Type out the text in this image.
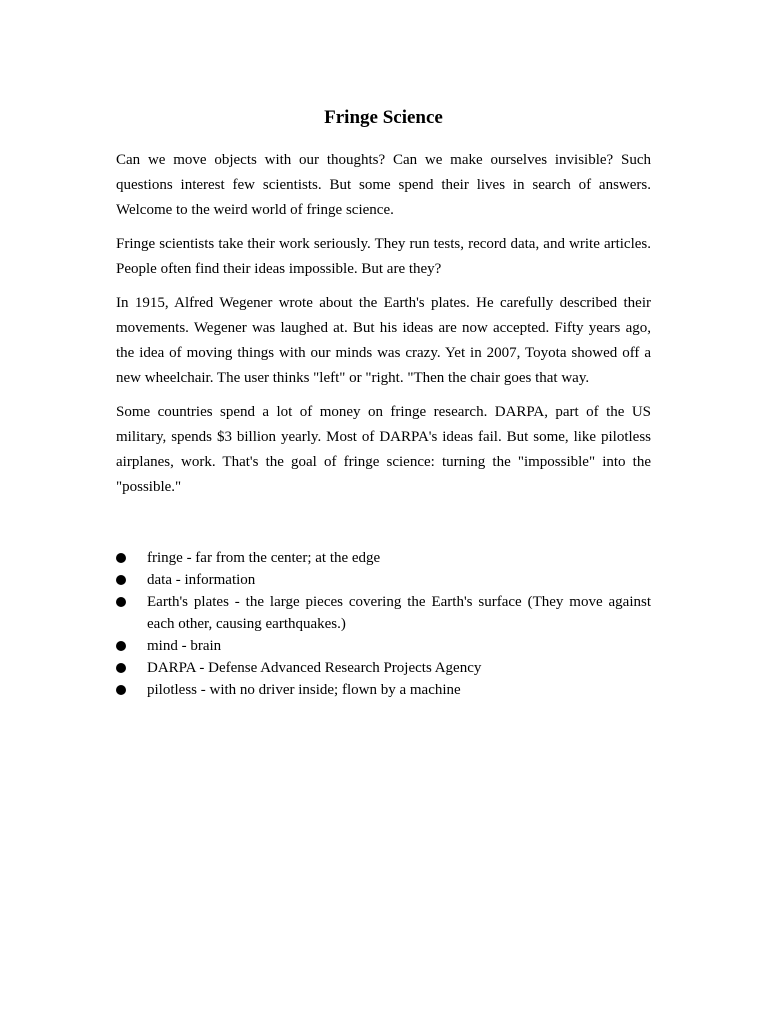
Fringe Science

Can we move objects with our thoughts? Can we make ourselves invisible? Such questions interest few scientists. But some spend their lives in search of answers. Welcome to the weird world of fringe science.

Fringe scientists take their work seriously. They run tests, record data, and write articles. People often find their ideas impossible. But are they?

In 1915, Alfred Wegener wrote about the Earth's plates. He carefully described their movements. Wegener was laughed at. But his ideas are now accepted. Fifty years ago, the idea of moving things with our minds was crazy. Yet in 2007, Toyota showed off a new wheelchair. The user thinks "left" or "right. "Then the chair goes that way.

Some countries spend a lot of money on fringe research. DARPA, part of the US military, spends $3 billion yearly. Most of DARPA's ideas fail. But some, like pilotless airplanes, work. That's the goal of fringe science: turning the "impossible" into the "possible."

fringe - far from the center; at the edge
data - information
Earth's plates - the large pieces covering the Earth's surface (They move against each other, causing earthquakes.)
mind - brain
DARPA - Defense Advanced Research Projects Agency
pilotless - with no driver inside; flown by a machine
